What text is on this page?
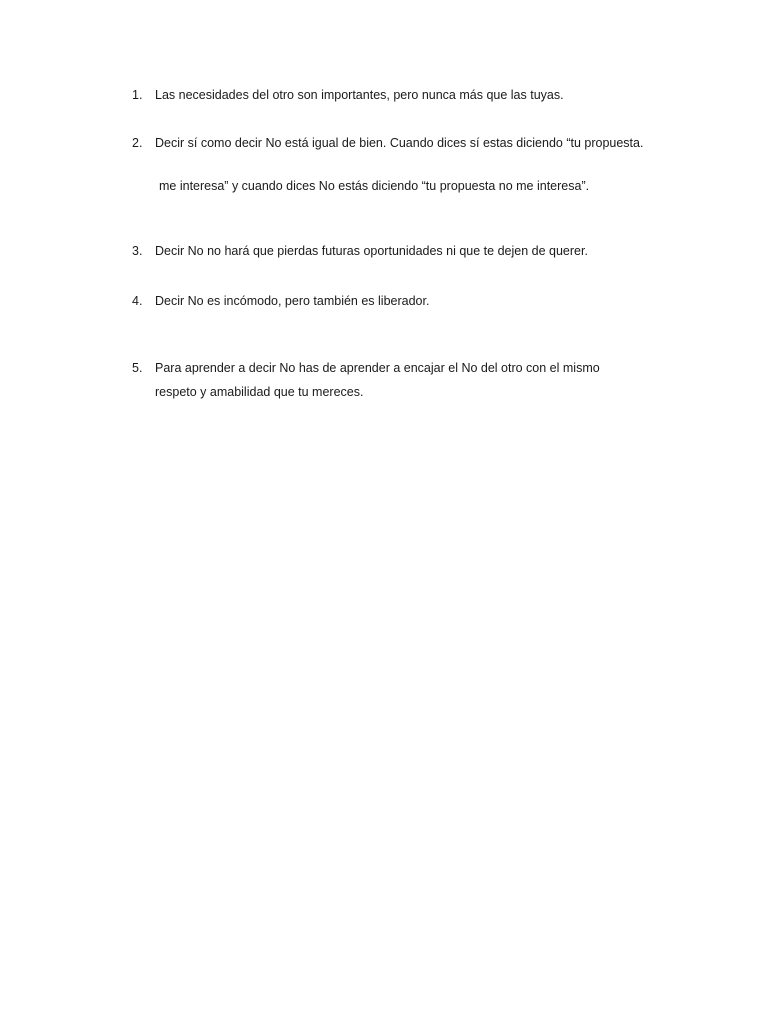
1.	Las necesidades del otro son importantes, pero nunca más que las tuyas.
2.	Decir sí como decir No está igual de bien. Cuando dices sí estas diciendo “tu propuesta.
me interesa” y cuando dices No estás diciendo “tu propuesta no me interesa”.
3.	Decir No no hará que pierdas futuras oportunidades ni que te dejen de querer.
4.	Decir No es incómodo, pero también es liberador.
5.	Para aprender a decir No has de aprender a encajar el No del otro con el mismo
respeto y amabilidad que tu mereces.
